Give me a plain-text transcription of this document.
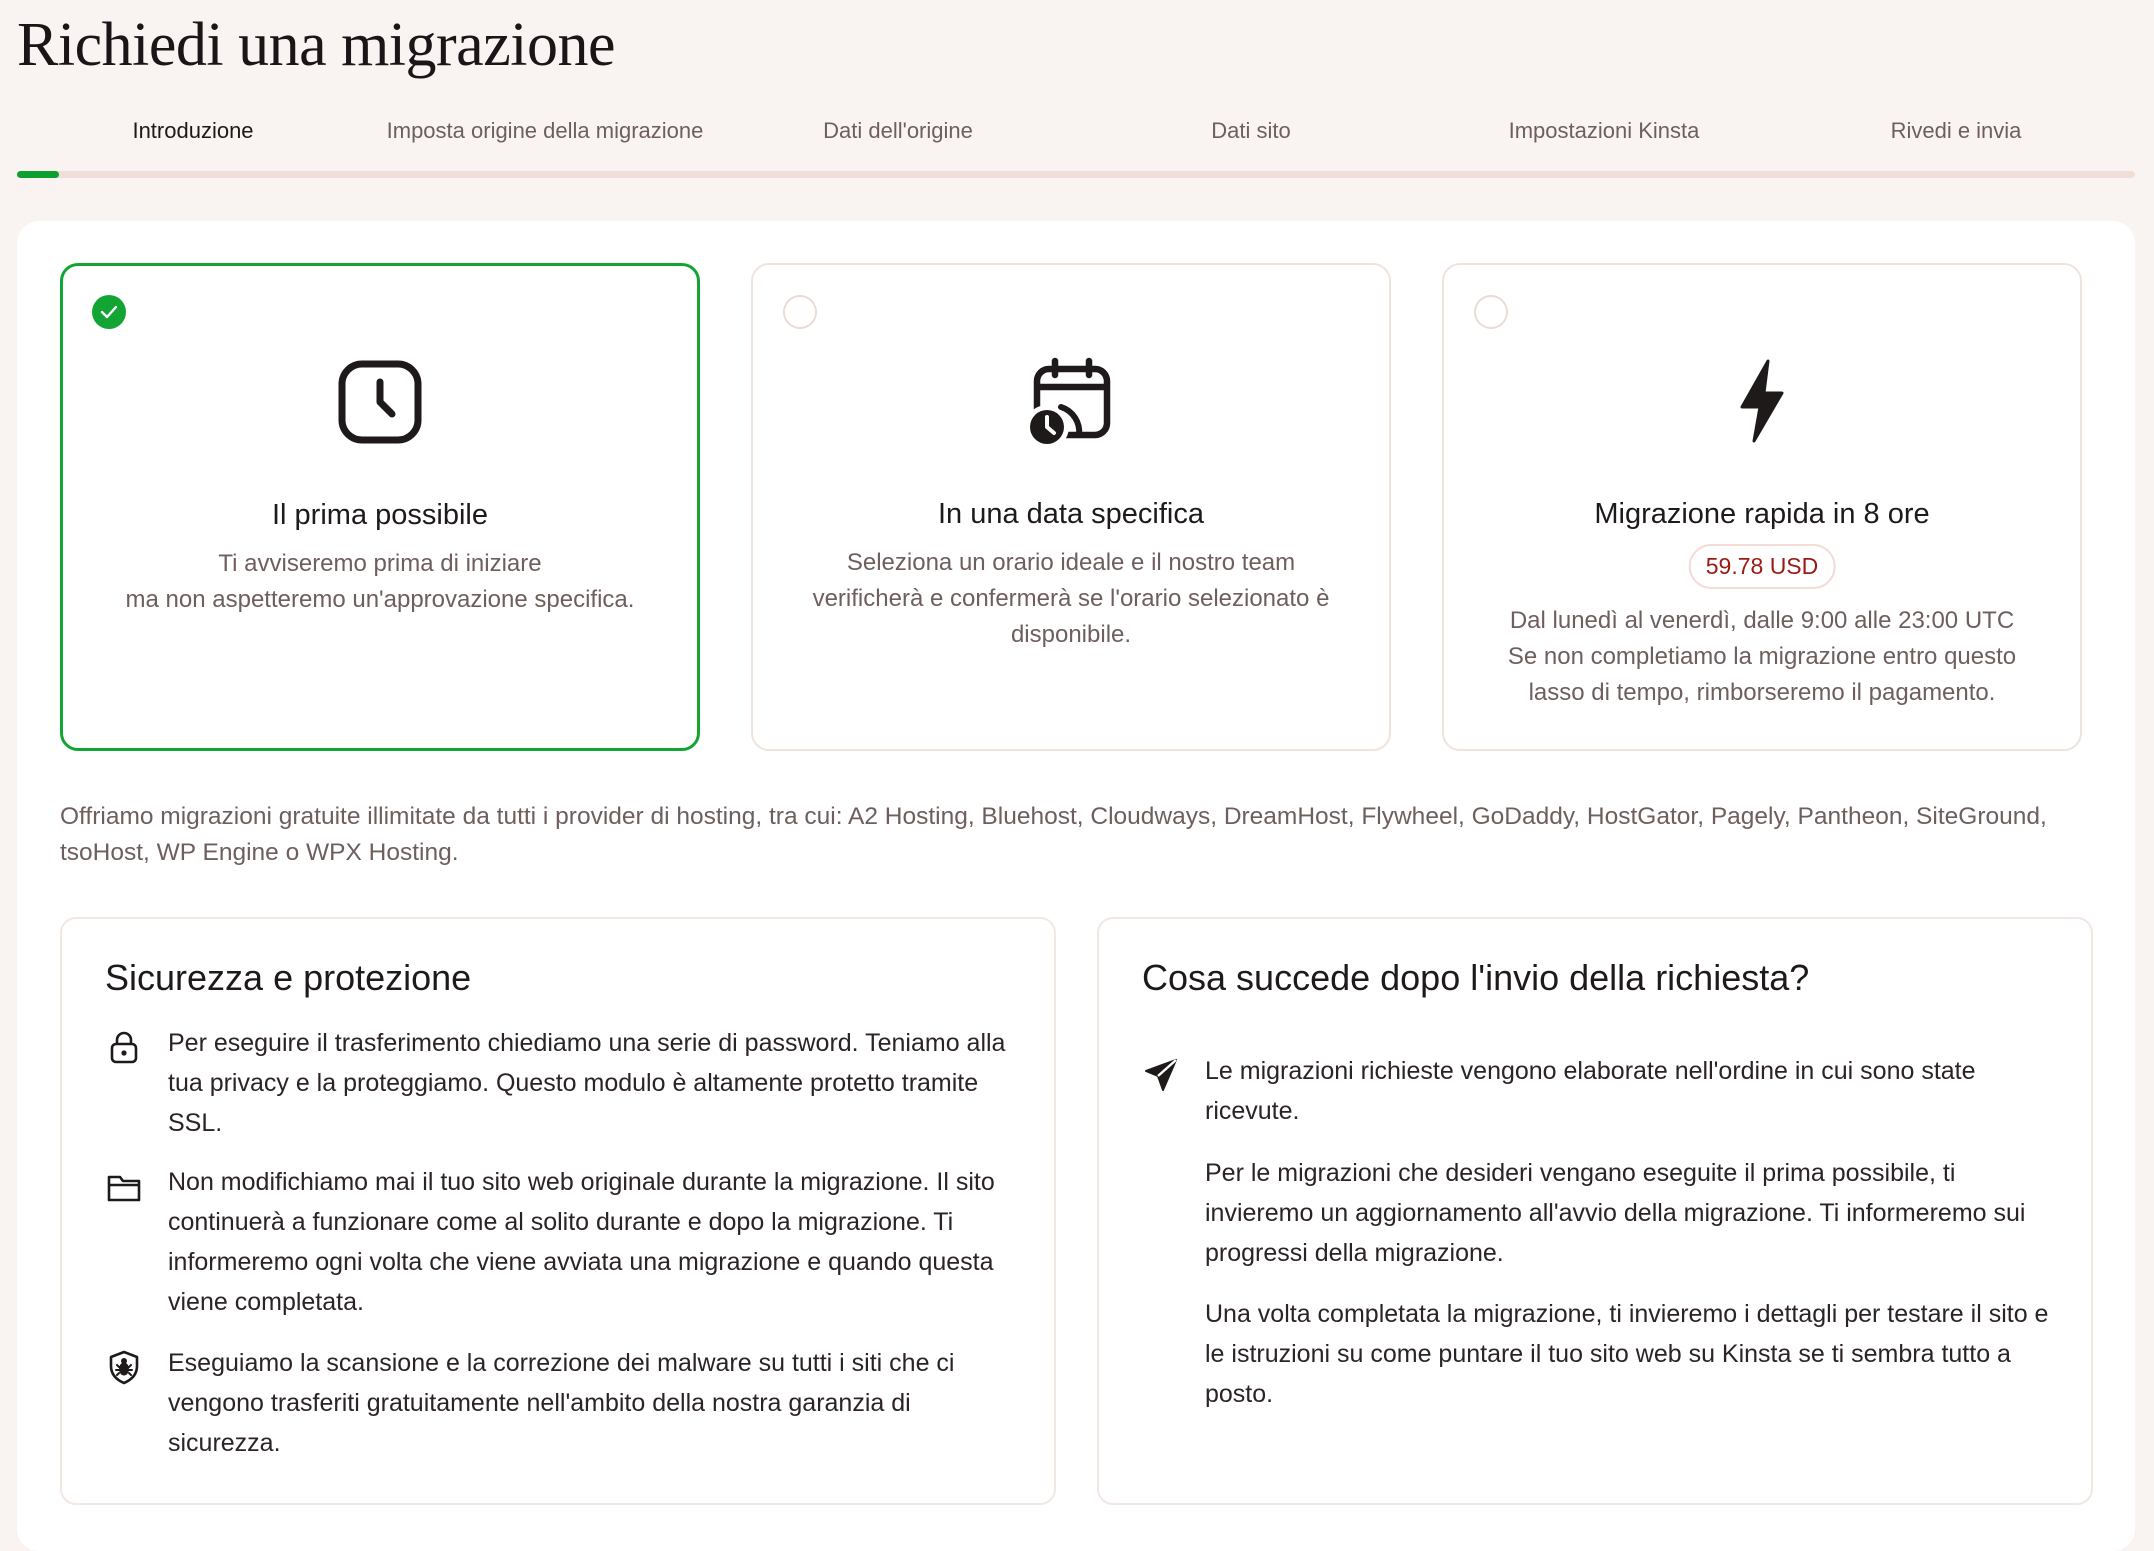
Richiedi una migrazione
Introduzione	Imposta origine della migrazione	Dati dell'origine	Dati sito	Impostazioni Kinsta	Rivedi e invia
Il prima possibile
Ti avviseremo prima di iniziare
ma non aspetteremo un'approvazione specifica.
In una data specifica
Seleziona un orario ideale e il nostro team
verificherà e confermerà se l'orario selezionato è
disponibile.
Migrazione rapida in 8 ore
59.78 USD
Dal lunedì al venerdì, dalle 9:00 alle 23:00 UTC
Se non completiamo la migrazione entro questo
lasso di tempo, rimborseremo il pagamento.
Offriamo migrazioni gratuite illimitate da tutti i provider di hosting, tra cui: A2 Hosting, Bluehost, Cloudways, DreamHost, Flywheel, GoDaddy, HostGator, Pagely, Pantheon, SiteGround, tsoHost, WP Engine o WPX Hosting.
Sicurezza e protezione
Per eseguire il trasferimento chiediamo una serie di password. Teniamo alla tua privacy e la proteggiamo. Questo modulo è altamente protetto tramite SSL.
Non modifichiamo mai il tuo sito web originale durante la migrazione. Il sito continuerà a funzionare come al solito durante e dopo la migrazione. Ti informeremo ogni volta che viene avviata una migrazione e quando questa viene completata.
Eseguiamo la scansione e la correzione dei malware su tutti i siti che ci vengono trasferiti gratuitamente nell'ambito della nostra garanzia di sicurezza.
Cosa succede dopo l'invio della richiesta?
Le migrazioni richieste vengono elaborate nell'ordine in cui sono state ricevute.
Per le migrazioni che desideri vengano eseguite il prima possibile, ti invieremo un aggiornamento all'avvio della migrazione. Ti informeremo sui progressi della migrazione.
Una volta completata la migrazione, ti invieremo i dettagli per testare il sito e le istruzioni su come puntare il tuo sito web su Kinsta se ti sembra tutto a posto.
